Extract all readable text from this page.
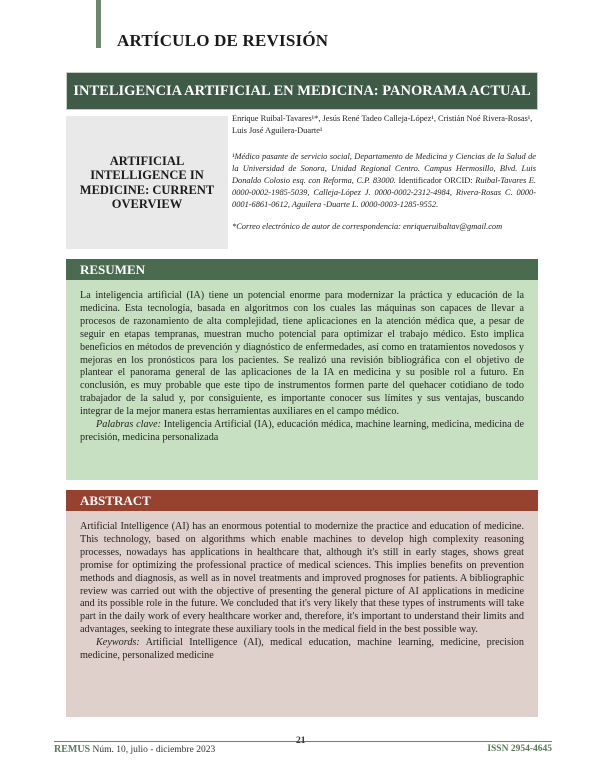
ARTÍCULO DE REVISIÓN
INTELIGENCIA ARTIFICIAL EN MEDICINA: PANORAMA ACTUAL
ARTIFICIAL INTELLIGENCE IN MEDICINE: CURRENT OVERVIEW

Enrique Ruibal-Tavares¹*, Jesús René Tadeo Calleja-López¹, Cristián Noé Rivera-Rosas¹, Luis José Aguilera-Duarte¹

¹Médico pasante de servicio social, Departamento de Medicina y Ciencias de la Salud de la Universidad de Sonora, Unidad Regional Centro. Campus Hermosillo, Blvd. Luis Donaldo Colosio esq. con Reforma, C.P. 83000. Identificador ORCID: Ruibal-Tavares E. 0000-0002-1985-5039, Calleja-López J. 0000-0002-2312-4984, Rivera-Rosas C. 0000-0001-6861-0612, Aguilera -Duarte L. 0000-0003-1285-9552.

*Correo electrónico de autor de correspondencia: enriqueruibaltav@gmail.com

RESUMEN

La inteligencia artificial (IA) tiene un potencial enorme para modernizar la práctica y educación de la medicina. Esta tecnología, basada en algoritmos con los cuales las máquinas son capaces de llevar a procesos de razonamiento de alta complejidad, tiene aplicaciones en la atención médica que, a pesar de seguir en etapas tempranas, muestran mucho potencial para optimizar el trabajo médico. Esto implica beneficios en métodos de prevención y diagnóstico de enfermedades, así como en tratamientos novedosos y mejoras en los pronósticos para los pacientes. Se realizó una revisión bibliográfica con el objetivo de plantear el panorama general de las aplicaciones de la IA en medicina y su posible rol a futuro. En conclusión, es muy probable que este tipo de instrumentos formen parte del quehacer cotidiano de todo trabajador de la salud y, por consiguiente, es importante conocer sus límites y sus ventajas, buscando integrar de la mejor manera estas herramientas auxiliares en el campo médico.

Palabras clave: Inteligencia Artificial (IA), educación médica, machine learning, medicina, medicina de precisión, medicina personalizada

ABSTRACT

Artificial Intelligence (AI) has an enormous potential to modernize the practice and education of medicine. This technology, based on algorithms which enable machines to develop high complexity reasoning processes, nowadays has applications in healthcare that, although it's still in early stages, shows great promise for optimizing the professional practice of medical sciences. This implies benefits on prevention methods and diagnosis, as well as in novel treatments and improved prognoses for patients. A bibliographic review was carried out with the objective of presenting the general picture of AI applications in medicine and its possible role in the future. We concluded that it's very likely that these types of instruments will take part in the daily work of every healthcare worker and, therefore, it's important to understand their limits and advantages, seeking to integrate these auxiliary tools in the medical field in the best possible way.

Keywords: Artificial Intelligence (AI), medical education, machine learning, medicine, precision medicine, personalized medicine

REMUS Núm. 10, julio - diciembre 2023
21
ISSN 2954-4645
